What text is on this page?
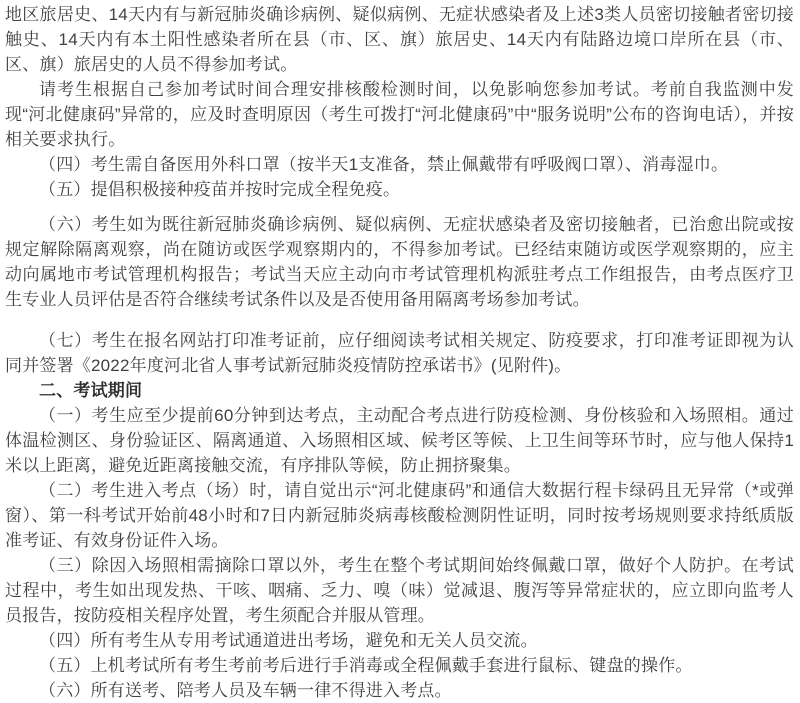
地区旅居史、14天内有与新冠肺炎确诊病例、疑似病例、无症状感染者及上述3类人员密切接触者密切接触史、14天内有本土阳性感染者所在县（市、区、旗）旅居史、14天内有陆路边境口岸所在县（市、区、旗）旅居史的人员不得参加考试。
请考生根据自己参加考试时间合理安排核酸检测时间，以免影响您参加考试。考前自我监测中发现“河北健康码”异常的，应及时查明原因（考生可拨打“河北健康码”中“服务说明”公布的咨询电话），并按相关要求执行。
（四）考生需自备医用外科口罩（按半天1支准备，禁止佩戴带有呼吸阀口罩）、消毒湿巾。
（五）提倡积极接种疫苗并按时完成全程免疫。
（六）考生如为既往新冠肺炎确诊病例、疑似病例、无症状感染者及密切接触者，已治愈出院或按规定解除隔离观察，尚在随访或医学观察期内的，不得参加考试。已经结束随访或医学观察期的，应主动向属地市考试管理机构报告；考试当天应主动向市考试管理机构派驻考点工作组报告，由考点医疗卫生专业人员评估是否符合继续考试条件以及是否使用备用隔离考场参加考试。
（七）考生在报名网站打印准考证前，应仔细阅读考试相关规定、防疫要求，打印准考证即视为认同并签署《2022年度河北省人事考试新冠肺炎疫情防控承诺书》(见附件)。
二、考试期间
（一）考生应至少提前60分钟到达考点，主动配合考点进行防疫检测、身份核验和入场照相。通过体温检测区、身份验证区、隔离通道、入场照相区域、候考区等候、上卫生间等环节时，应与他人保持1米以上距离，避免近距离接触交流，有序排队等候，防止拥挤聚集。
（二）考生进入考点（场）时，请自觉出示“河北健康码”和通信大数据行程卡绿码且无异常（*或弹窗）、第一科考试开始前48小时和7日内新冠肺炎病毒核酸检测阴性证明，同时按考场规则要求持纸质版准考证、有效身份证件入场。
（三）除因入场照相需摘除口罩以外，考生在整个考试期间始终佩戴口罩，做好个人防护。在考试过程中，考生如出现发热、干咳、咽痛、乏力、嗅（味）觉减退、腹泻等异常症状的，应立即向监考人员报告，按防疫相关程序处置，考生须配合并服从管理。
（四）所有考生从专用考试通道进出考场，避免和无关人员交流。
（五）上机考试所有考生考前考后进行手消毒或全程佩戴手套进行鼠标、键盘的操作。
（六）所有送考、陪考人员及车辆一律不得进入考点。
